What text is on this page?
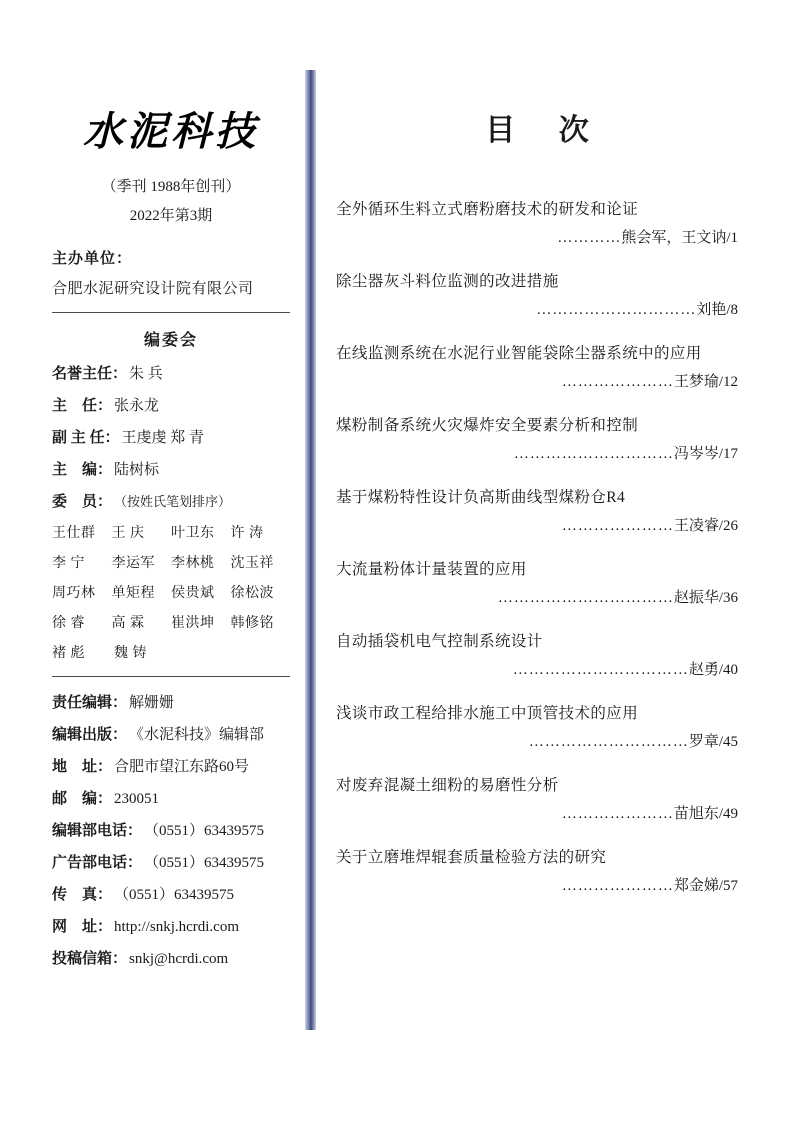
水泥科技
（季刊 1988年创刊）
2022年第3期
主办单位：
合肥水泥研究设计院有限公司
编委会
名誉主任： 朱 兵
主    任： 张永龙
副 主 任： 王虔虔 郑 青
主    编： 陆树标
委    员： （按姓氏笔划排序）
王仕群	王 庆	叶卫东	许 涛
李 宁	李运军	李林桃	沈玉祥
周巧林	单矩程	侯贵斌	徐松波
徐 睿	高 霖	崔洪坤	韩修铭
褚 彪	魏 铸
责任编辑： 解姗姗
编辑出版： 《水泥科技》编辑部
地    址： 合肥市望江东路60号
邮    编： 230051
编辑部电话： （0551）63439575
广告部电话： （0551）63439575
传    真： （0551）63439575
网    址： http://snkj.hcrdi.com
投稿信箱： snkj@hcrdi.com
目 次
全外循环生料立式磨粉磨技术的研发和论证
…………熊会军，王文讷/1
除尘器灰斗料位监测的改进措施
…………………………刘艳/8
在线监测系统在水泥行业智能袋除尘器系统中的应用
…………………王梦瑜/12
煤粉制备系统火灾爆炸安全要素分析和控制
…………………………冯岑岑/17
基于煤粉特性设计负高斯曲线型煤粉仓R4
…………………王凌睿/26
大流量粉体计量装置的应用
……………………………赵振华/36
自动插袋机电气控制系统设计
……………………………赵勇/40
浅谈市政工程给排水施工中顶管技术的应用
…………………………罗章/45
对废弃混凝土细粉的易磨性分析
…………………苗旭东/49
关于立磨堆焊辊套质量检验方法的研究
…………………郑金娣/57
